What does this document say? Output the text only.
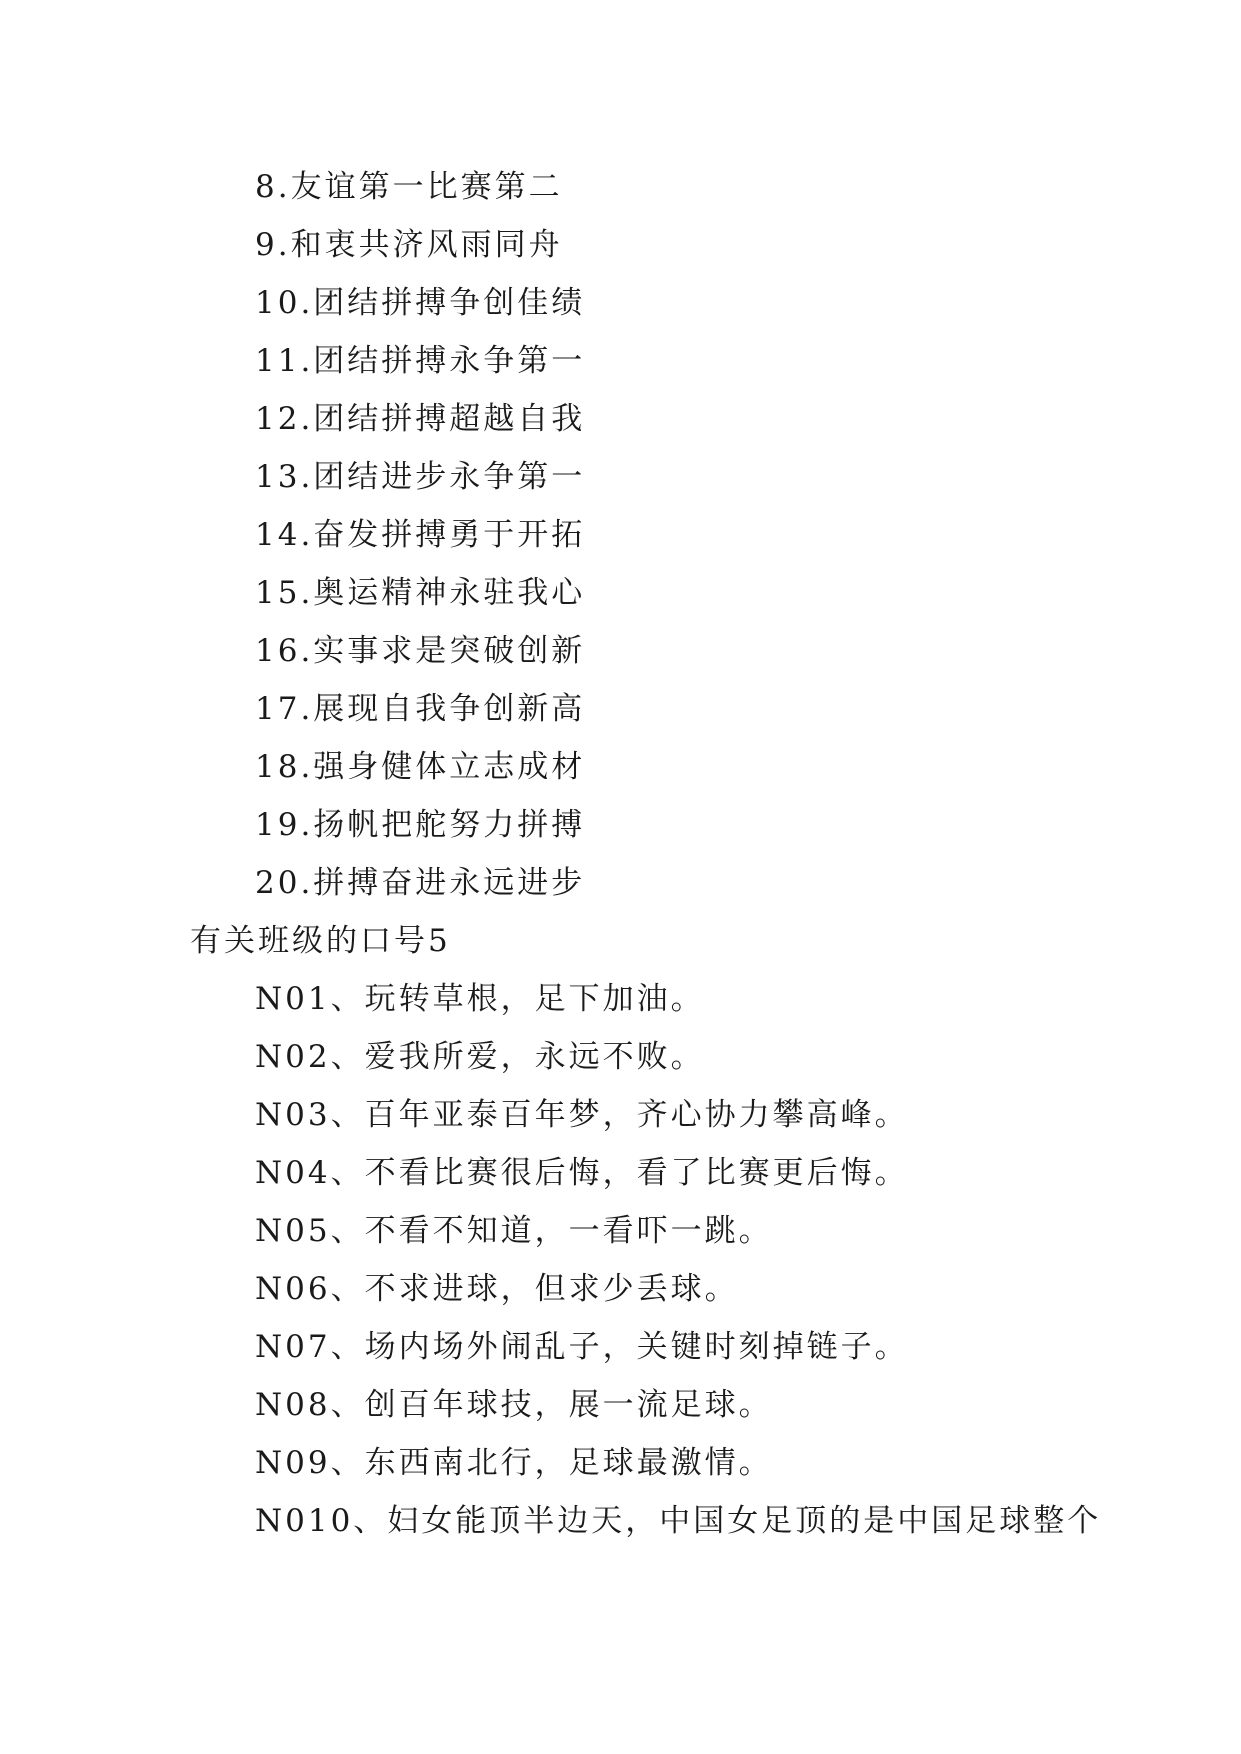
8.友谊第一比赛第二
9.和衷共济风雨同舟
10.团结拼搏争创佳绩
11.团结拼搏永争第一
12.团结拼搏超越自我
13.团结进步永争第一
14.奋发拼搏勇于开拓
15.奥运精神永驻我心
16.实事求是突破创新
17.展现自我争创新高
18.强身健体立志成材
19.扬帆把舵努力拼搏
20.拼搏奋进永远进步
有关班级的口号5
N01、玩转草根，足下加油。
N02、爱我所爱，永远不败。
N03、百年亚泰百年梦，齐心协力攀高峰。
N04、不看比赛很后悔，看了比赛更后悔。
N05、不看不知道，一看吓一跳。
N06、不求进球，但求少丢球。
N07、场内场外闹乱子，关键时刻掉链子。
N08、创百年球技，展一流足球。
N09、东西南北行，足球最激情。
N010、妇女能顶半边天，中国女足顶的是中国足球整个
